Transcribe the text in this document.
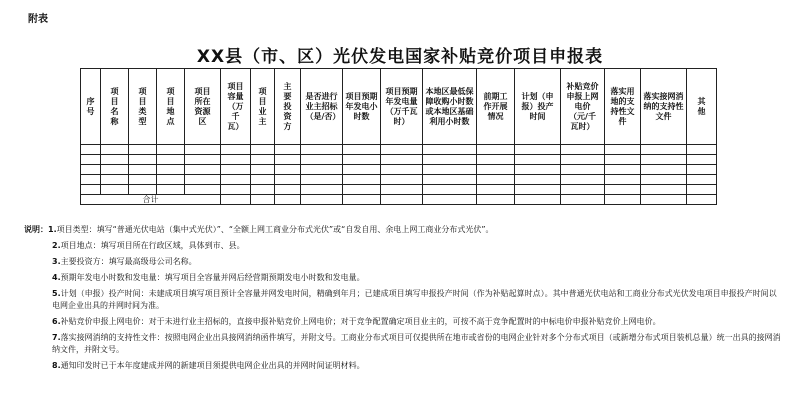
附表
XX县（市、区）光伏发电国家补贴竞价项目申报表
序号	项目名称	项目类型	项目地点	项目所在资源区	项目容量（万千瓦）	项目业主	主要投资方	是否进行业主招标（是/否）	项目预期年发电小时数	项目预期年发电量（万千瓦时）	本地区最低保障收购小时数或本地区基础利用小时数	前期工作开展情况	计划（申报）投产时间	补贴竞价申报上网电价（元/千瓦时）	落实用地的支持性文件	落实接网消纳的支持性文件	其他

合计																	

说明：1.项目类型：填写“普通光伏电站（集中式光伏）”、“全额上网工商业分布式光伏”或“自发自用、余电上网工商业分布式光伏”。

2.项目地点：填写项目所在行政区域，具体到市、县。

3.主要投资方：填写最高级母公司名称。

4.预期年发电小时数和发电量：填写项目全容量并网后经营期预期发电小时数和发电量。

5.计划（申报）投产时间：未建成项目填写项目预计全容量并网发电时间，精确到年月；已建成项目填写申报投产时间（作为补贴起算时点）。其中普通光伏电站和工商业分布式光伏发电项目申报投产时间以电网企业出具的并网时间为准。

6.补贴竞价申报上网电价：对于未进行业主招标的，直接申报补贴竞价上网电价；对于竞争配置确定项目业主的，可按不高于竞争配置时的中标电价申报补贴竞价上网电价。

7.落实接网消纳的支持性文件：按照电网企业出具接网消纳函件填写，并附文号。工商业分布式项目可仅提供所在地市或省份的电网企业针对多个分布式项目（或新增分布式项目装机总量）统一出具的接网消纳文件，并附文号。

8.通知印发时已于本年度建成并网的新建项目须提供电网企业出具的并网时间证明材料。
